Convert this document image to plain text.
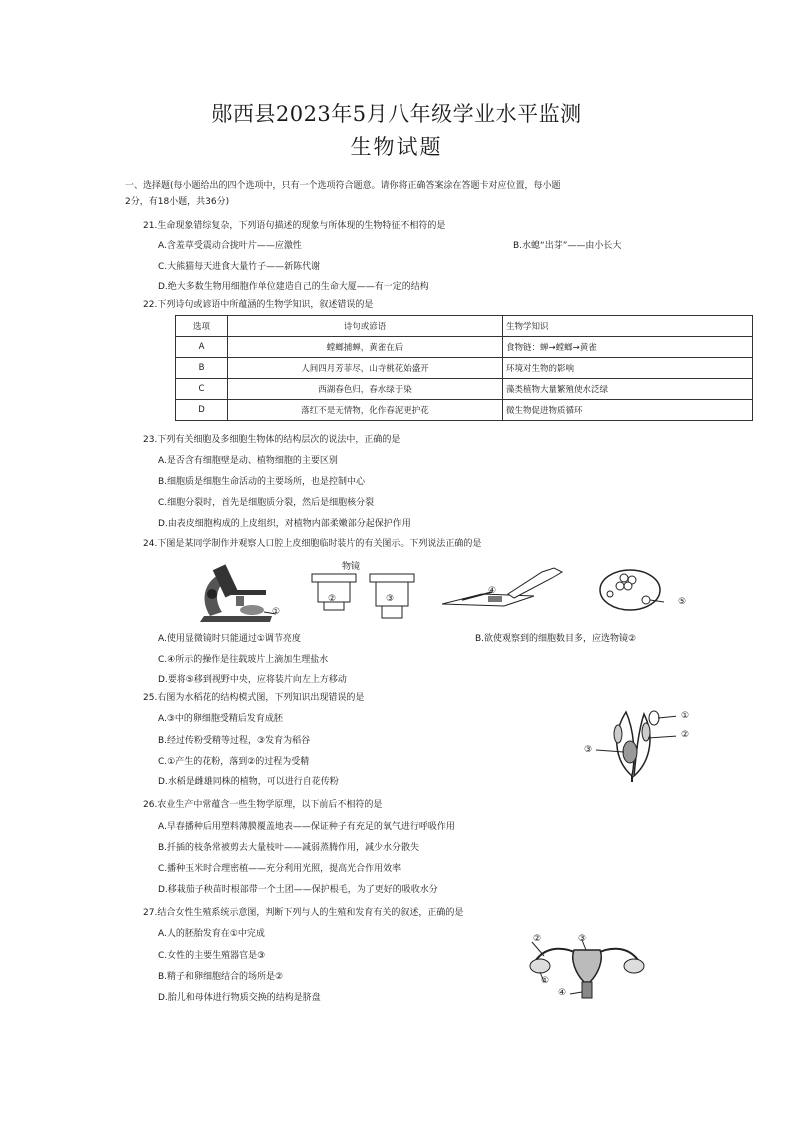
郧西县2023年5月八年级学业水平监测
生物试题
一、选择题(每小题给出的四个选项中，只有一个选项符合题意。请你将正确答案涂在答题卡对应位置，每小题
2分，有18小题，共36分)
21.生命现象错综复杂，下列语句描述的现象与所体现的生物特征不相符的是
A.含羞草受震动合拢叶片——应激性	B.水螅“出芽”——由小长大
C.大熊猫每天进食大量竹子——新陈代谢
D.绝大多数生物用细胞作单位建造自己的生命大厦——有一定的结构
22.下列诗句或谚语中所蕴涵的生物学知识，叙述错误的是
选项	诗句或谚语	生物学知识
A	螳螂捕蝉，黄雀在后	食物链：蝉→螳螂→黄雀
B	人间四月芳菲尽，山寺桃花始盛开	环境对生物的影响
C	西湖春色归，春水绿于染	藻类植物大量繁殖使水泛绿
D	落红不是无情物，化作春泥更护花	微生物促进物质循环
23.下列有关细胞及多细胞生物体的结构层次的说法中，正确的是
A.是否含有细胞壁是动、植物细胞的主要区别
B.细胞质是细胞生命活动的主要场所，也是控制中心
C.细胞分裂时，首先是细胞质分裂，然后是细胞核分裂
D.由表皮细胞构成的上皮组织，对植物内部柔嫩部分起保护作用
24.下图是某同学制作并观察人口腔上皮细胞临时装片的有关图示。下列说法正确的是
①
物镜
②	③
④
⑤
A.使用显微镜时只能通过①调节亮度	B.欲使观察到的细胞数目多，应选物镜②
C.④所示的操作是往载玻片上滴加生理盐水
D.要将⑤移到视野中央，应将装片向左上方移动
25.右图为水稻花的结构模式图，下列知识出现错误的是
A.③中的卵细胞受精后发育成胚
B.经过传粉受精等过程，③发育为稻谷
C.①产生的花粉，落到②的过程为受精
D.水稻是雌雄同株的植物，可以进行自花传粉
①
②
③
26.农业生产中常蕴含一些生物学原理，以下前后不相符的是
A.早春播种后用塑料薄膜覆盖地表——保证种子有充足的氧气进行呼吸作用
B.扦插的枝条常被剪去大量枝叶——减弱蒸腾作用，减少水分散失
C.播种玉米时合理密植——充分利用光照，提高光合作用效率
D.移栽茄子秧苗时根部带一个土团——保护根毛，为了更好的吸收水分
27.结合女性生殖系统示意图，判断下列与人的生殖和发育有关的叙述，正确的是
A.人的胚胎发育在①中完成
C.女性的主要生殖器官是③
B.精子和卵细胞结合的场所是②
D.胎儿和母体进行物质交换的结构是脐盘
②	③
①
④
